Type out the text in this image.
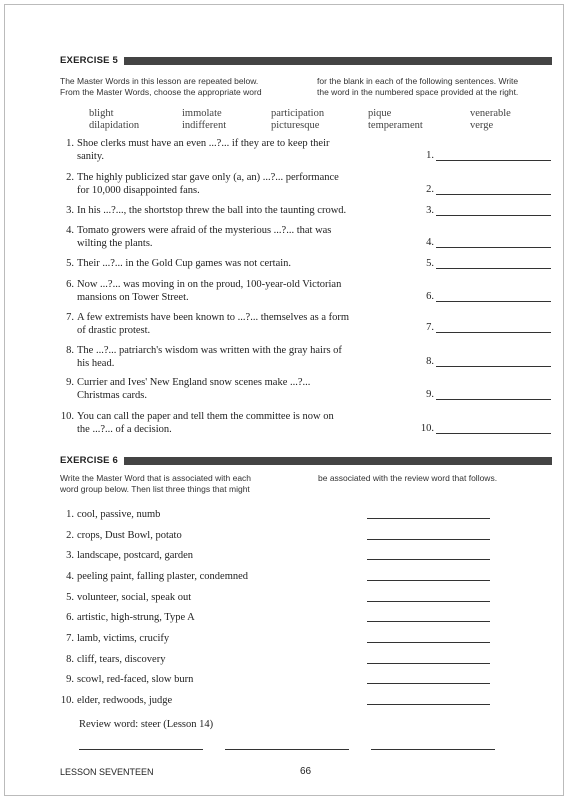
EXERCISE 5
The Master Words in this lesson are repeated below.
From the Master Words, choose the appropriate word
for the blank in each of the following sentences. Write
the word in the numbered space provided at the right.
blight	immolate	participation	pique	venerable
dilapidation	indifferent	picturesque	temperament	verge
1. Shoe clerks must have an even ...?... if they are to keep their
sanity.	1.
2. The highly publicized star gave only (a, an) ...?... performance
for 10,000 disappointed fans.	2.
3. In his ...?..., the shortstop threw the ball into the taunting crowd.	3.
4. Tomato growers were afraid of the mysterious ...?... that was
wilting the plants.	4.
5. Their ...?... in the Gold Cup games was not certain.	5.
6. Now ...?... was moving in on the proud, 100-year-old Victorian
mansions on Tower Street.	6.
7. A few extremists have been known to ...?... themselves as a form
of drastic protest.	7.
8. The ...?... patriarch's wisdom was written with the gray hairs of
his head.	8.
9. Currier and Ives' New England snow scenes make ...?...
Christmas cards.	9.
10. You can call the paper and tell them the committee is now on
the ...?... of a decision.	10.
EXERCISE 6
Write the Master Word that is associated with each
word group below. Then list three things that might
be associated with the review word that follows.
1. cool, passive, numb
2. crops, Dust Bowl, potato
3. landscape, postcard, garden
4. peeling paint, falling plaster, condemned
5. volunteer, social, speak out
6. artistic, high-strung, Type A
7. lamb, victims, crucify
8. cliff, tears, discovery
9. scowl, red-faced, slow burn
10. elder, redwoods, judge
Review word: steer (Lesson 14)
LESSON SEVENTEEN	66
